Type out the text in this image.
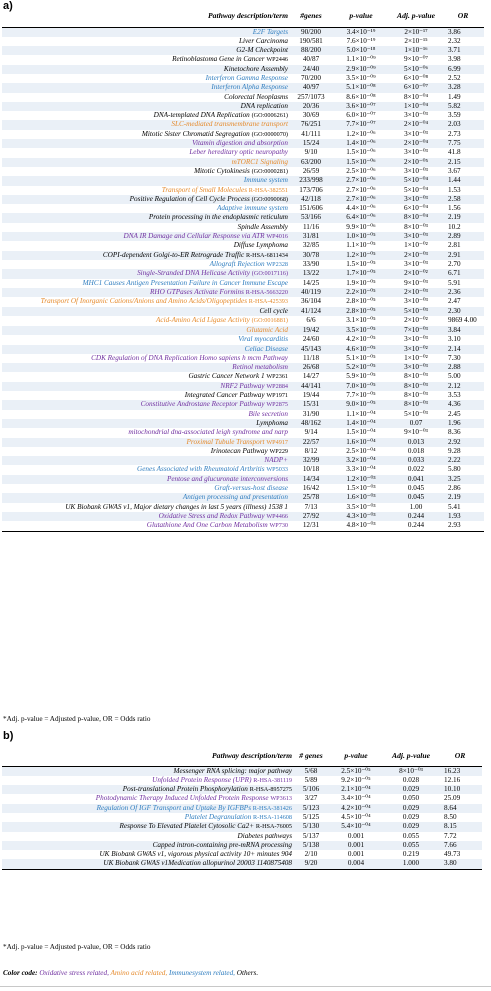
a)
Pathway description/term	#genes	p-value	Adj. p-value	OR
E2F Targets	90/200	3.4×10⁻¹⁹	2×10⁻¹⁷	3.86
Liver Carcinoma	190/581	7.6×10⁻¹⁹	2×10⁻¹⁵	2.32
G2-M Checkpoint	88/200	5.0×10⁻¹⁸	1×10⁻¹⁶	3.71
Retinoblastoma Gene in Cancer WP2446	40/87	1.1×10⁻⁰⁹	9×10⁻⁰⁷	3.98
Kinetochore Assembly	24/40	2.9×10⁻⁰⁹	5×10⁻⁰⁶	6.99
Interferon Gamma Response	70/200	3.5×10⁻⁰⁹	6×10⁻⁰⁸	2.52
Interferon Alpha Response	40/97	5.1×10⁻⁰⁸	6×10⁻⁰⁷	3.28
Colorectal Neoplasms	257/1073	8.6×10⁻⁰⁸	8×10⁻⁰⁴	1.49
DNA replication	20/36	3.6×10⁻⁰⁷	1×10⁻⁰⁴	5.82
DNA-templated DNA Replication (GO:0006261)	30/69	6.0×10⁻⁰⁷	3×10⁻⁰³	3.59
SLC-mediated transmembrane transport	76/251	7.7×10⁻⁰⁷	2×10⁻⁰⁴	2.03
Mitotic Sister Chromatid Segregation (GO:0000070)	41/111	1.2×10⁻⁰⁶	3×10⁻⁰³	2.73
Vitamin digestion and absorption	15/24	1.4×10⁻⁰⁶	2×10⁻⁰⁴	7.75
Leber hereditary optic neuropathy	9/10	1.5×10⁻⁰⁶	3×10⁻⁰³	41.8
mTORC1 Signaling	63/200	1.5×10⁻⁰⁶	2×10⁻⁰⁵	2.15
Mitotic Cytokinesis (GO:0000281)	26/59	2.5×10⁻⁰⁶	3×10⁻⁰³	3.67
Immune system	233/998	2.7×10⁻⁰⁶	5×10⁻⁰⁴	1.44
Transport of Small Molecules R-HSA-382551	173/706	2.7×10⁻⁰⁶	5×10⁻⁰⁴	1.53
Positive Regulation of Cell Cycle Process (GO:0090068)	42/118	2.7×10⁻⁰⁶	3×10⁻⁰³	2.58
Adaptive immune system	151/606	4.4×10⁻⁰⁶	6×10⁻⁰⁴	1.56
Protein processing in the endoplasmic reticulum	53/166	6.4×10⁻⁰⁶	8×10⁻⁰⁴	2.19
Spindle Assembly	11/16	9.9×10⁻⁰⁶	8×10⁻⁰³	10.2
DNA IR Damage and Cellular Response via ATR WP4016	31/81	1.0×10⁻⁰⁵	3×10⁻⁰³	2.89
Diffuse Lymphoma	32/85	1.1×10⁻⁰⁵	1×10⁻⁰²	2.81
COPI-dependent Golgi-to-ER Retrograde Traffic R-HSA-6811434	30/78	1.2×10⁻⁰⁵	2×10⁻⁰³	2.91
Allograft Rejection WP2328	33/90	1.5×10⁻⁰⁵	3×10⁻⁰³	2.70
Single-Stranded DNA Helicase Activity (GO:0017116)	13/22	1.7×10⁻⁰⁵	2×10⁻⁰²	6.71
MHC1 Causes Antigen Presentation Failure in Cancer Immune Escape	14/25	1.9×10⁻⁰⁵	9×10⁻⁰³	5.91
RHO GTPases Activate Formins R-HSA-5663220	40/119	2.2×10⁻⁰⁵	2×10⁻⁰³	2.36
Transport Of Inorganic Cations/Anions and Amino Acids/Oligopeptides R-HSA-425393	36/104	2.8×10⁻⁰⁵	3×10⁻⁰³	2.47
Cell cycle	41/124	2.8×10⁻⁰⁵	5×10⁻⁰³	2.30
Acid-Amino Acid Ligase Activity (GO:0016881)	6/6	3.1×10⁻⁰⁵	2×10⁻⁰²	9869 4.00
Glutamic Acid	19/42	3.5×10⁻⁰⁵	7×10⁻⁰³	3.84
Viral myocarditis	24/60	4.2×10⁻⁰⁵	3×10⁻⁰³	3.10
Celiac Disease	45/143	4.6×10⁻⁰⁵	3×10⁻⁰²	2.14
CDK Regulation of DNA Replication Homo sapiens h mcm Pathway	11/18	5.1×10⁻⁰⁵	1×10⁻⁰²	7.30
Retinol metabolism	26/68	5.2×10⁻⁰⁵	3×10⁻⁰³	2.88
Gastric Cancer Network 1 WP2361	14/27	5.9×10⁻⁰⁵	8×10⁻⁰³	5.00
NRF2 Pathway WP2884	44/141	7.0×10⁻⁰⁵	8×10⁻⁰³	2.12
Integrated Cancer Pathway WP1971	19/44	7.7×10⁻⁰⁵	8×10⁻⁰³	3.53
Constitutive Androstane Receptor Pathway WP2875	15/31	9.0×10⁻⁰⁵	8×10⁻⁰³	4.36
Bile secretion	31/90	1.1×10⁻⁰⁴	5×10⁻⁰³	2.45
Lymphoma	48/162	1.4×10⁻⁰⁴	0.07	1.96
mitochondrial dna-associated leigh syndrome and narp	9/14	1.5×10⁻⁰⁴	9×10⁻⁰³	8.36
Proximal Tubule Transport WP4917	22/57	1.6×10⁻⁰⁴	0.013	2.92
Irinotecan Pathway WP229	8/12	2.5×10⁻⁰⁴	0.018	9.28
NADP+	32/99	3.2×10⁻⁰⁴	0.033	2.22
Genes Associated with Rheumatoid Arthritis WP5033	10/18	3.3×10⁻⁰⁴	0.022	5.80
Pentose and glucuronate interconversions	14/34	1.2×10⁻⁰³	0.041	3.25
Graft-versus-host disease	16/42	1.5×10⁻⁰³	0.045	2.86
Antigen processing and presentation	25/78	1.6×10⁻⁰³	0.045	2.19
UK Biobank GWAS v1, Major dietary changes in last 5 years (illness) 1538 1	7/13	3.5×10⁻⁰³	1.00	5.41
Oxidative Stress and Redox Pathway WP4466	27/92	4.3×10⁻⁰³	0.244	1.93
Glutathione And One Carbon Metabolism WP730	12/31	4.8×10⁻⁰³	0.244	2.93
*Adj. p-value = Adjusted p-value, OR = Odds ratio
b)
Pathway description/term	# genes	p-value	Adj. p-value	OR
Messenger RNA splicing: major pathway	5/68	2.5×10⁻⁰⁵	8×10⁻⁰³	16.23
Unfolded Protein Response (UPR) R-HSA-381119	5/89	9.2×10⁻⁰⁵	0.028	12.16
Post-translational Protein Phosphorylation R-HSA-8957275	5/106	2.1×10⁻⁰⁴	0.029	10.10
Photodynamic Therapy Induced Unfolded Protein Response WP3613	3/27	3.4×10⁻⁰⁴	0.050	25.09
Regulation Of IGF Transport and Uptake By IGFBPs R-HSA-381426	5/123	4.2×10⁻⁰⁴	0.029	8.64
Platelet Degranulation R-HSA-114608	5/125	4.5×10⁻⁰⁴	0.029	8.50
Response To Elevated Platelet Cytosolic Ca2+ R-HSA-76005	5/130	5.4×10⁻⁰⁴	0.029	8.15
Diabetes pathways	5/137	0.001	0.055	7.72
Capped intron-containing pre-mRNA processing	5/138	0.001	0.055	7.66
UK Biobank GWAS v1, vigorous physical activity 10+ minutes 904	2/10	0.001	0.219	49.73
UK Biobank GWAS v1Medication allopurinol 20003 1140875408	9/20	0.004	1.000	3.80
*Adj. p-value = Adjusted p-value, OR = Odds ratio
Color code: Oxidative stress related, Amino acid related, Immunesystem related, Others.
